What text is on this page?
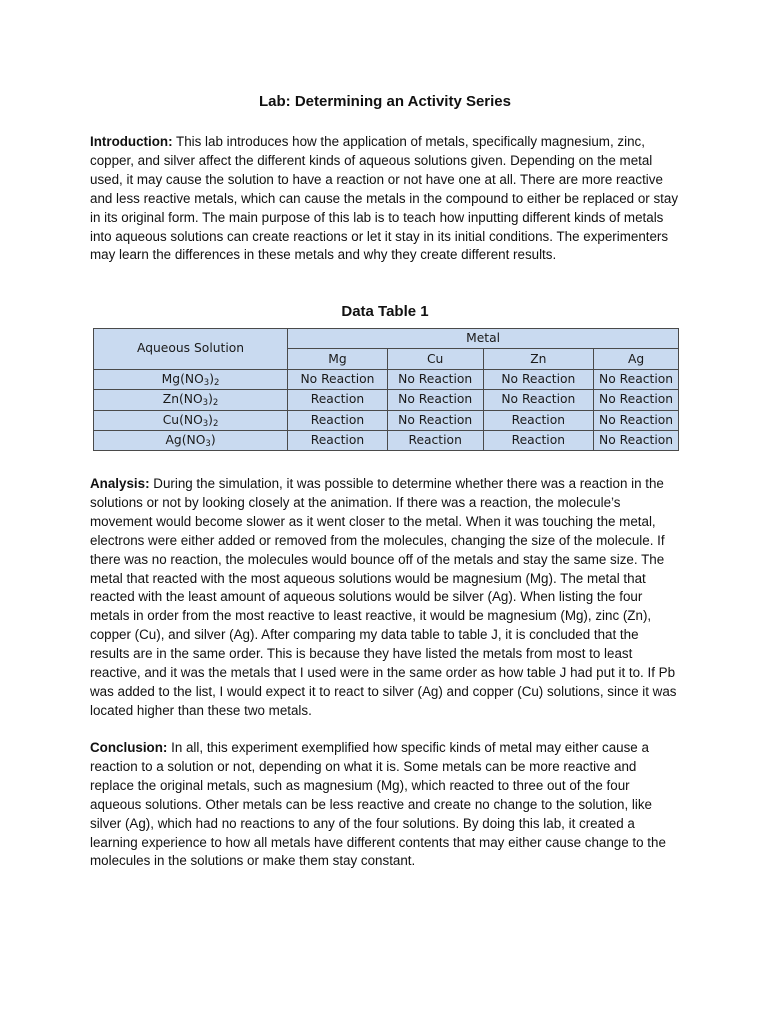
Lab: Determining an Activity Series

Introduction: This lab introduces how the application of metals, specifically magnesium, zinc, copper, and silver affect the different kinds of aqueous solutions given. Depending on the metal used, it may cause the solution to have a reaction or not have one at all. There are more reactive and less reactive metals, which can cause the metals in the compound to either be replaced or stay in its original form. The main purpose of this lab is to teach how inputting different kinds of metals into aqueous solutions can create reactions or let it stay in its initial conditions. The experimenters may learn the differences in these metals and why they create different results.

Data Table 1
Aqueous Solution	Metal			
	Mg	Cu	Zn	Ag
$Mg(NO_3)_2$	No Reaction	No Reaction	No Reaction	No Reaction
$Zn(NO_3)_2$	Reaction	No Reaction	No Reaction	No Reaction
$Cu(NO_3)_2$	Reaction	No Reaction	Reaction	No Reaction
$Ag(NO_3)$	Reaction	Reaction	Reaction	No Reaction

Analysis: During the simulation, it was possible to determine whether there was a reaction in the solutions or not by looking closely at the animation. If there was a reaction, the molecule’s movement would become slower as it went closer to the metal. When it was touching the metal, electrons were either added or removed from the molecules, changing the size of the molecule. If there was no reaction, the molecules would bounce off of the metals and stay the same size. The metal that reacted with the most aqueous solutions would be magnesium (Mg). The metal that reacted with the least amount of aqueous solutions would be silver (Ag). When listing the four metals in order from the most reactive to least reactive, it would be magnesium (Mg), zinc (Zn), copper (Cu), and silver (Ag). After comparing my data table to table J, it is concluded that the results are in the same order. This is because they have listed the metals from most to least reactive, and it was the metals that I used were in the same order as how table J had put it to. If Pb was added to the list, I would expect it to react to silver (Ag) and copper (Cu) solutions, since it was located higher than these two metals.

Conclusion: In all, this experiment exemplified how specific kinds of metal may either cause a reaction to a solution or not, depending on what it is. Some metals can be more reactive and replace the original metals, such as magnesium (Mg), which reacted to three out of the four aqueous solutions. Other metals can be less reactive and create no change to the solution, like silver (Ag), which had no reactions to any of the four solutions. By doing this lab, it created a learning experience to how all metals have different contents that may either cause change to the molecules in the solutions or make them stay constant.
